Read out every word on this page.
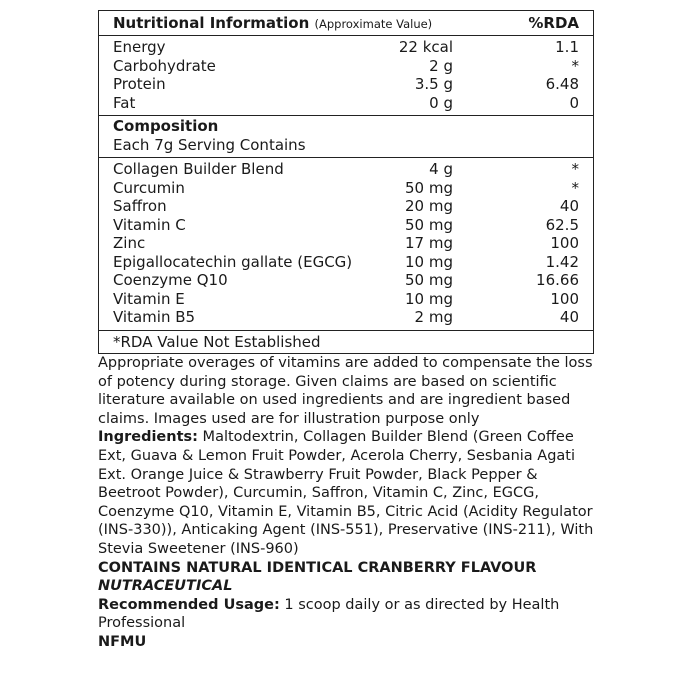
Nutritional Information (Approximate Value)	%RDA
Energy	22 kcal	1.1
Carbohydrate	2 g	*
Protein	3.5 g	6.48
Fat	0 g	0
Composition
Each 7g Serving Contains
Collagen Builder Blend	4 g	*
Curcumin	50 mg	*
Saffron	20 mg	40
Vitamin C	50 mg	62.5
Zinc	17 mg	100
Epigallocatechin gallate (EGCG)	10 mg	1.42
Coenzyme Q10	50 mg	16.66
Vitamin E	10 mg	100
Vitamin B5	2 mg	40
*RDA Value Not Established

Appropriate overages of vitamins are added to compensate the loss of potency during storage. Given claims are based on scientific literature available on used ingredients and are ingredient based claims. Images used are for illustration purpose only

Ingredients: Maltodextrin, Collagen Builder Blend (Green Coffee Ext, Guava & Lemon Fruit Powder, Acerola Cherry, Sesbania Agati Ext. Orange Juice & Strawberry Fruit Powder, Black Pepper & Beetroot Powder), Curcumin, Saffron, Vitamin C, Zinc, EGCG, Coenzyme Q10, Vitamin E, Vitamin B5, Citric Acid (Acidity Regulator (INS-330)), Anticaking Agent (INS-551), Preservative (INS-211), With Stevia Sweetener (INS-960)

CONTAINS NATURAL IDENTICAL CRANBERRY FLAVOUR

NUTRACEUTICAL

Recommended Usage: 1 scoop daily or as directed by Health Professional

NFMU
